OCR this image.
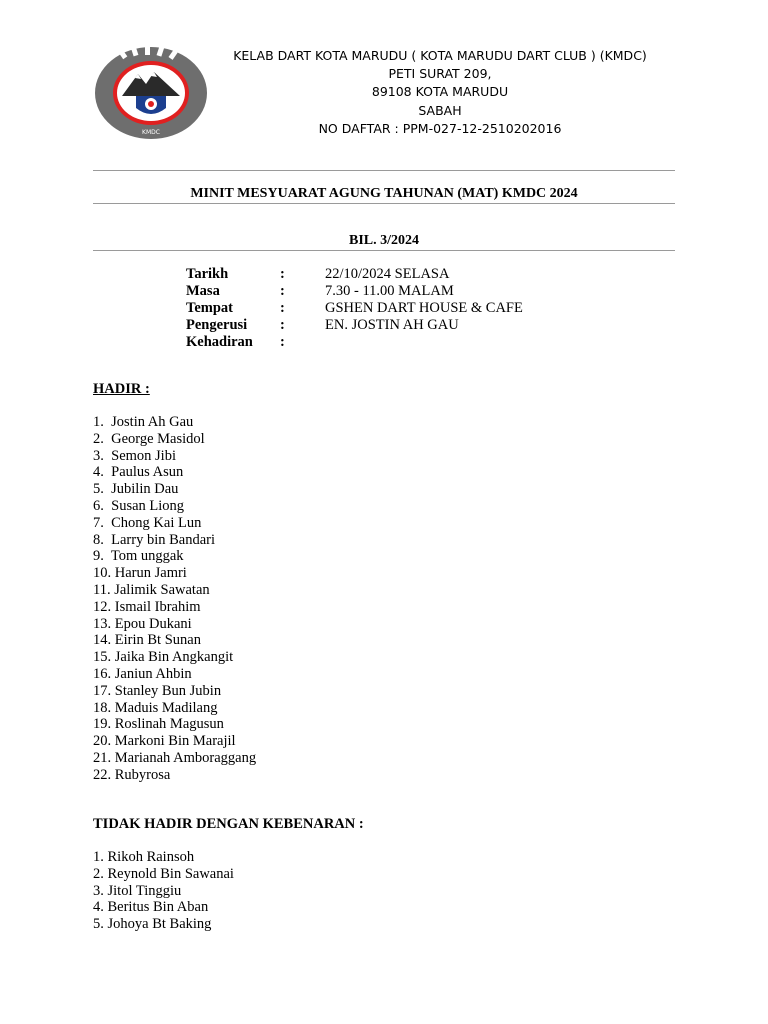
KMDC
KELAB DART KOTA MARUDU ( KOTA MARUDU DART CLUB ) (KMDC)
PETI SURAT 209,
89108 KOTA MARUDU
SABAH
NO DAFTAR : PPM-027-12-2510202016
MINIT MESYUARAT AGUNG TAHUNAN (MAT) KMDC 2024
BIL. 3/2024
Tarikh	:	22/10/2024 SELASA
Masa	:	7.30 - 11.00 MALAM
Tempat	:	GSHEN DART HOUSE & CAFE
Pengerusi	:	EN. JOSTIN AH GAU
Kehadiran	:
HADIR :
1.  Jostin Ah Gau
2.  George Masidol
3.  Semon Jibi
4.  Paulus Asun
5.  Jubilin Dau
6.  Susan Liong
7.  Chong Kai Lun
8.  Larry bin Bandari
9.  Tom unggak
10. Harun Jamri
11. Jalimik Sawatan
12. Ismail Ibrahim
13. Epou Dukani
14. Eirin Bt Sunan
15. Jaika Bin Angkangit
16. Janiun Ahbin
17. Stanley Bun Jubin
18. Maduis Madilang
19. Roslinah Magusun
20. Markoni Bin Marajil
21. Marianah Amboraggang
22. Rubyrosa
TIDAK HADIR DENGAN KEBENARAN :
1. Rikoh Rainsoh
2. Reynold Bin Sawanai
3. Jitol Tinggiu
4. Beritus Bin Aban
5. Johoya Bt Baking
